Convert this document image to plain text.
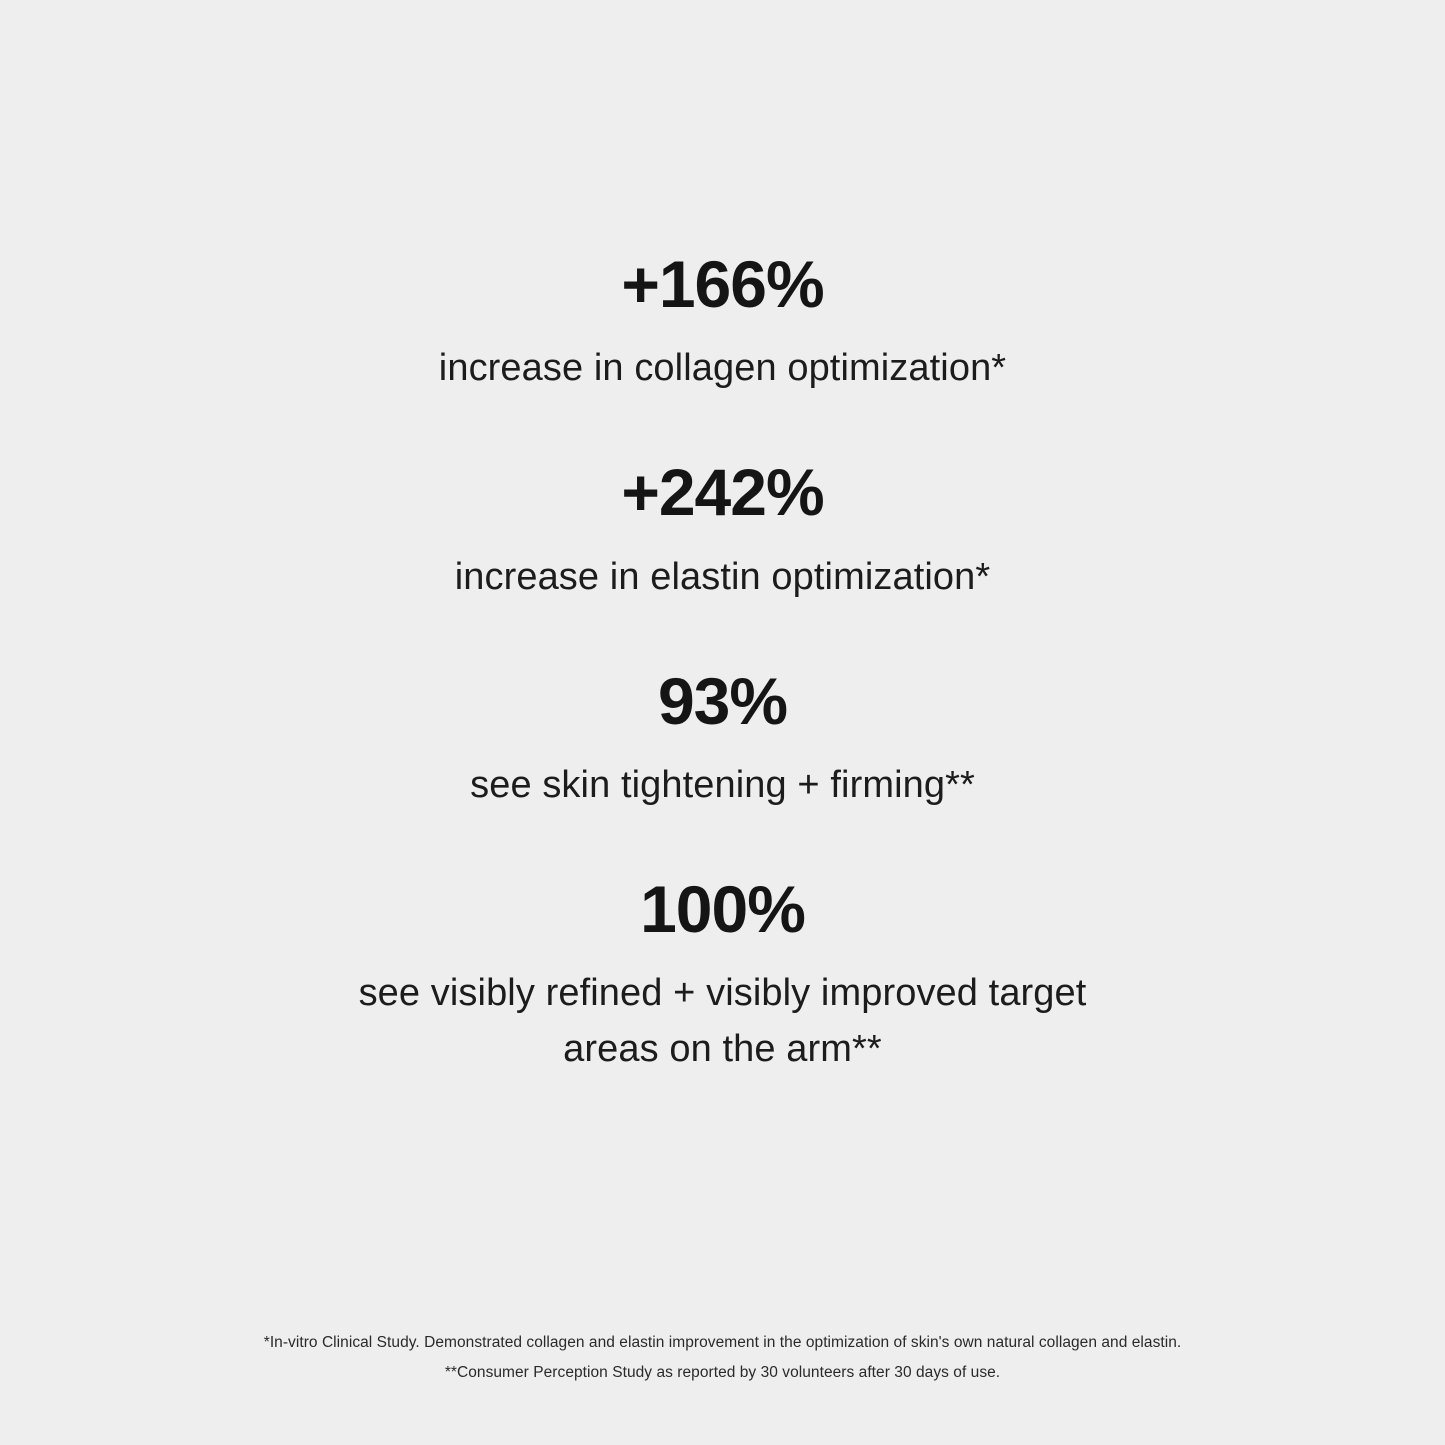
+166%
increase in collagen optimization*
+242%
increase in elastin optimization*
93%
see skin tightening + firming**
100%
see visibly refined + visibly improved target
areas on the arm**

*In-vitro Clinical Study. Demonstrated collagen and elastin improvement in the optimization of skin's own natural collagen and elastin.

**Consumer Perception Study as reported by 30 volunteers after 30 days of use.
